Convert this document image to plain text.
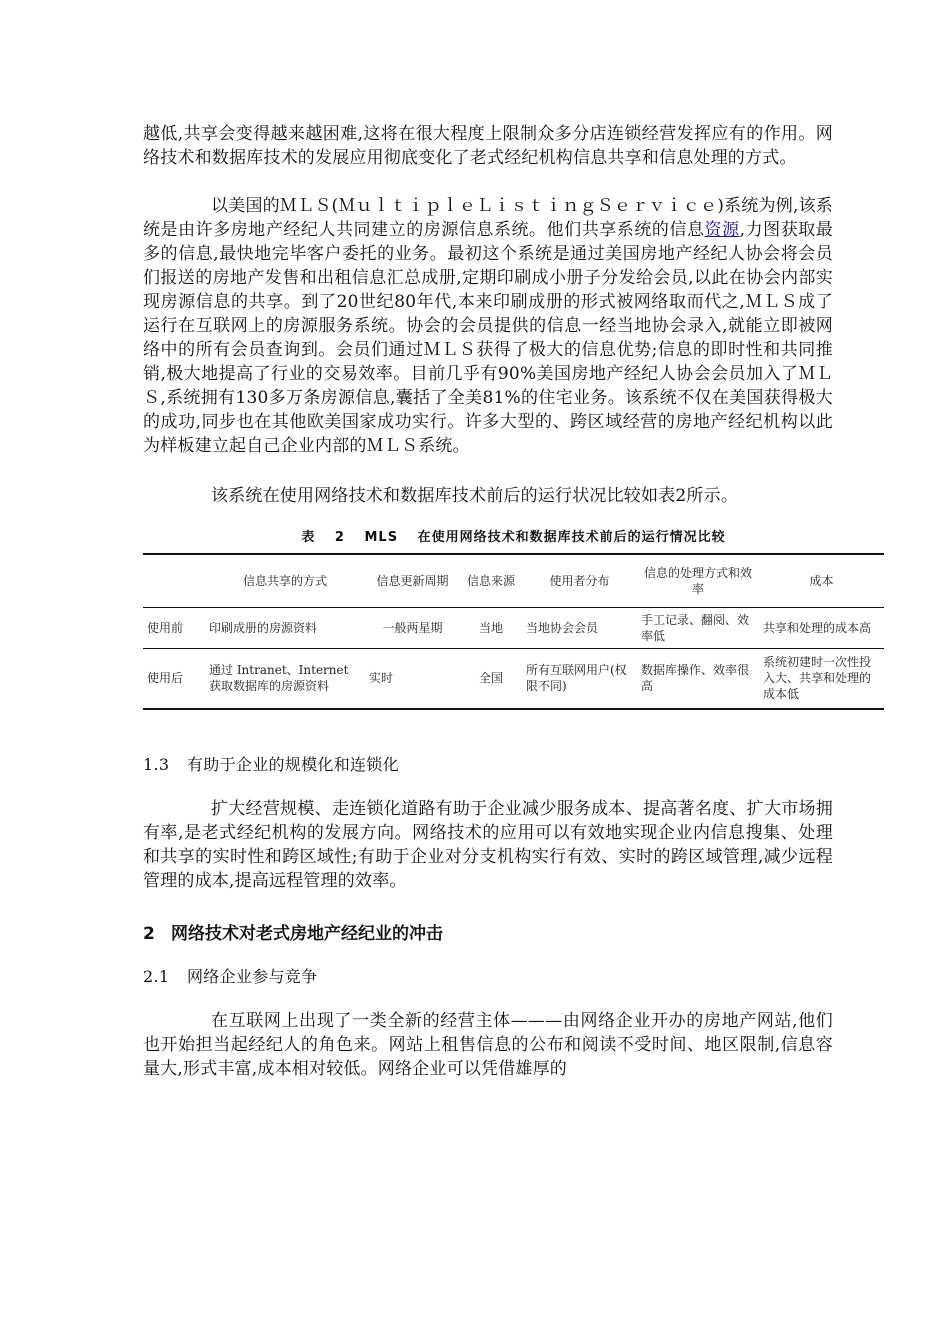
越低,共享会变得越来越困难,这将在很大程度上限制众多分店连锁经营发挥应有的作用。网络技术和数据库技术的发展应用彻底变化了老式经纪机构信息共享和信息处理的方式。

以美国的ＭＬＳ(ＭｕｌｔｉｐｌｅＬｉｓｔｉｎｇＳｅｒｖｉｃｅ)系统为例,该系统是由许多房地产经纪人共同建立的房源信息系统。他们共享系统的信息资源,力图获取最多的信息,最快地完毕客户委托的业务。最初这个系统是通过美国房地产经纪人协会将会员们报送的房地产发售和出租信息汇总成册,定期印刷成小册子分发给会员,以此在协会内部实现房源信息的共享。到了20世纪80年代,本来印刷成册的形式被网络取而代之,ＭＬＳ成了运行在互联网上的房源服务系统。协会的会员提供的信息一经当地协会录入,就能立即被网络中的所有会员查询到。会员们通过ＭＬＳ获得了极大的信息优势;信息的即时性和共同推销,极大地提高了行业的交易效率。目前几乎有90%美国房地产经纪人协会会员加入了ＭＬＳ,系统拥有130多万条房源信息,囊括了全美81%的住宅业务。该系统不仅在美国获得极大的成功,同步也在其他欧美国家成功实行。许多大型的、跨区域经营的房地产经纪机构以此为样板建立起自己企业内部的ＭＬＳ系统。

该系统在使用网络技术和数据库技术前后的运行状况比较如表2所示。

表 2 MLS 在使用网络技术和数据库技术前后的运行情况比较

	信息共享的方式	信息更新周期	信息来源	使用者分布	信息的处理方式和效率	成本
使用前	印刷成册的房源资料	一般两星期	当地	当地协会会员	手工记录、翻阅、效率低	共享和处理的成本高
使用后	通过 Intranet、Internet 获取数据库的房源资料	实时	全国	所有互联网用户(权限不同)	数据库操作、效率很高	系统初建时一次性投入大、共享和处理的成本低

1.3 有助于企业的规模化和连锁化

扩大经营规模、走连锁化道路有助于企业减少服务成本、提高著名度、扩大市场拥有率,是老式经纪机构的发展方向。网络技术的应用可以有效地实现企业内信息搜集、处理和共享的实时性和跨区域性;有助于企业对分支机构实行有效、实时的跨区域管理,减少远程管理的成本,提高远程管理的效率。

2 网络技术对老式房地产经纪业的冲击

2.1 网络企业参与竞争

在互联网上出现了一类全新的经营主体———由网络企业开办的房地产网站,他们也开始担当起经纪人的角色来。网站上租售信息的公布和阅读不受时间、地区限制,信息容量大,形式丰富,成本相对较低。网络企业可以凭借雄厚的
